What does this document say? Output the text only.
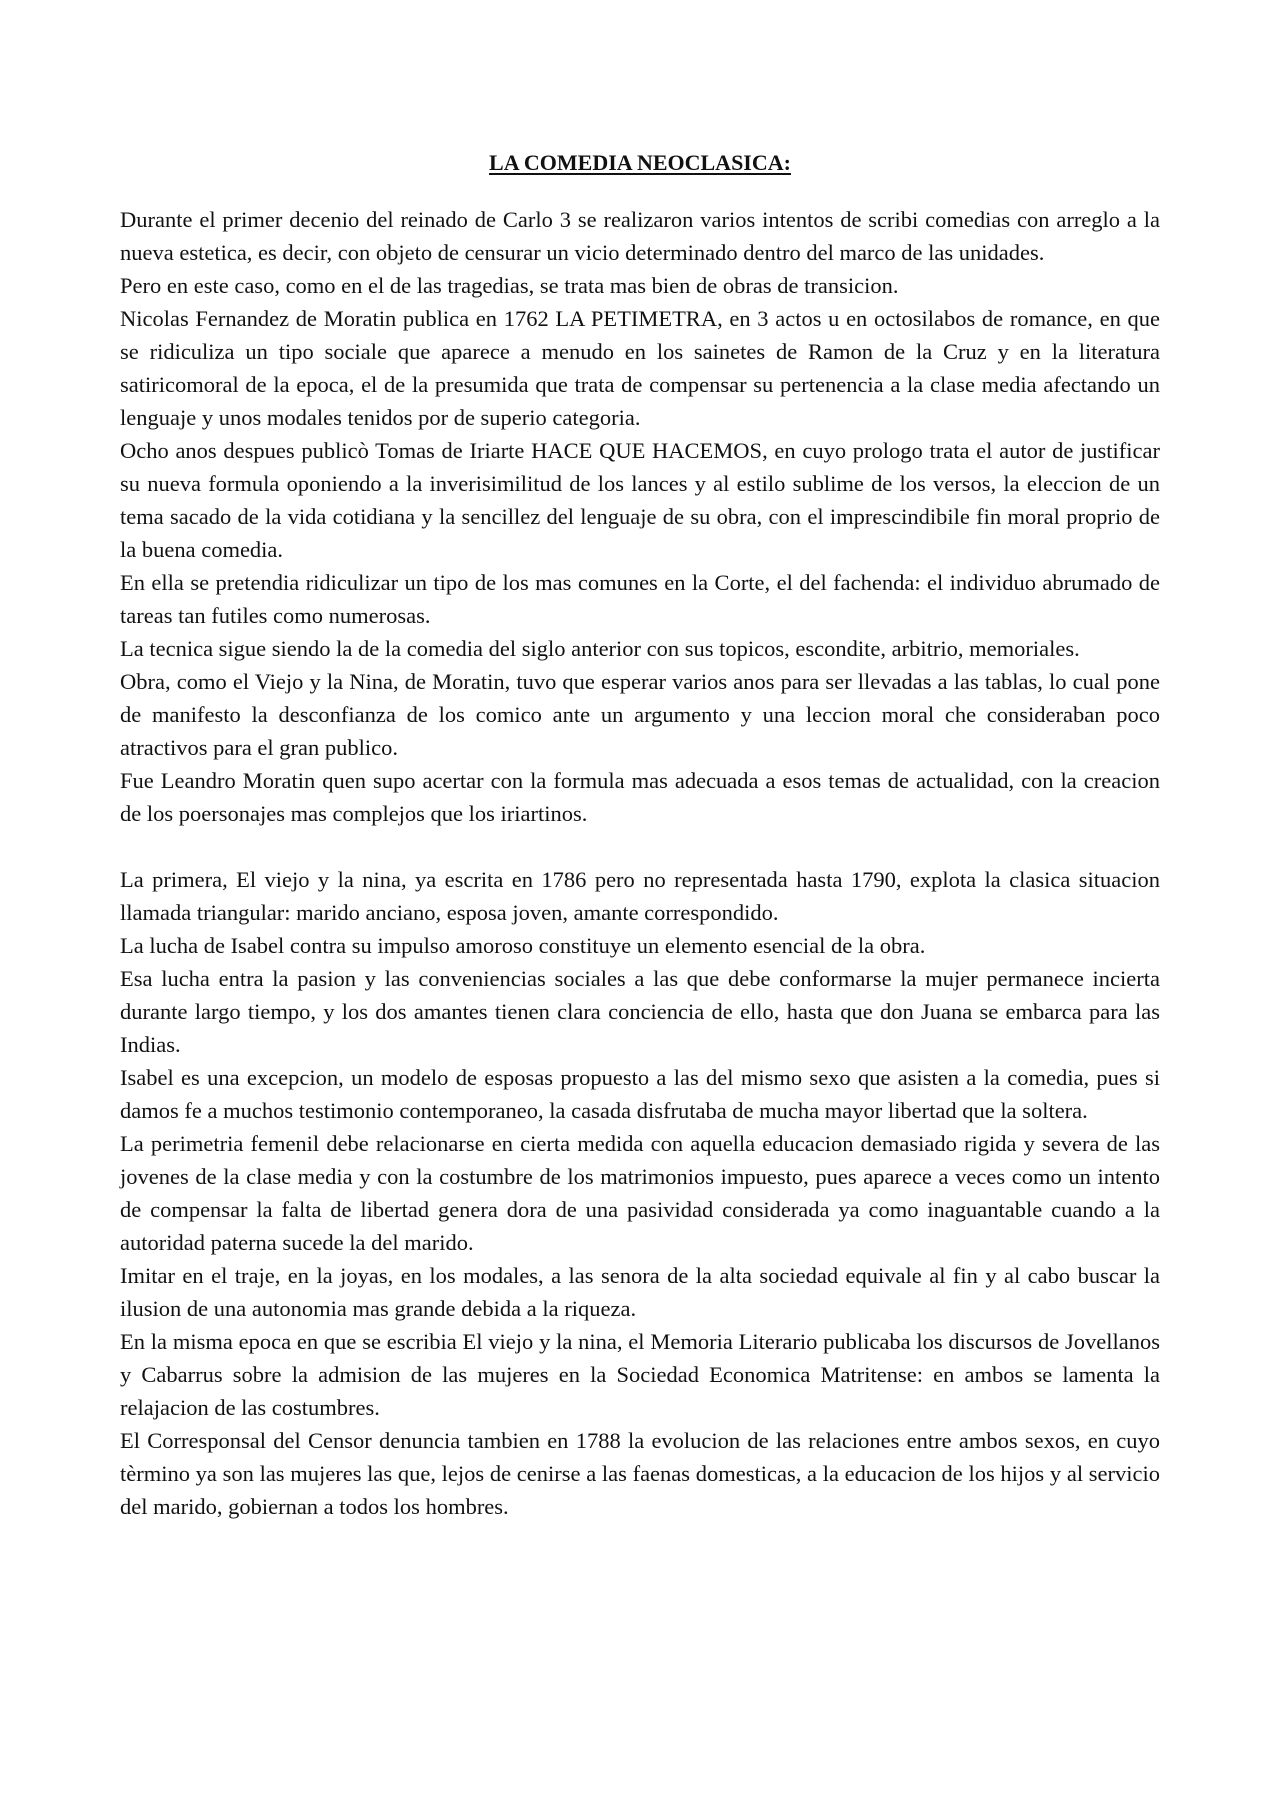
LA COMEDIA NEOCLASICA:

Durante el primer decenio del reinado de Carlo 3 se realizaron varios intentos de scribi comedias con arreglo a la nueva estetica, es decir, con objeto de censurar un vicio determinado dentro del marco de las unidades.

Pero en este caso, como en el de las tragedias, se trata mas bien de obras de transicion.

Nicolas Fernandez de Moratin publica en 1762 LA PETIMETRA, en 3 actos u en octosilabos de romance, en que se ridiculiza un tipo sociale que aparece a menudo en los sainetes de Ramon de la Cruz y en la literatura satiricomoral de la epoca, el de la presumida que trata de compensar su pertenencia a la clase media afectando un lenguaje y unos modales tenidos por de superio categoria.

Ocho anos despues publicò Tomas de Iriarte HACE QUE HACEMOS, en cuyo prologo trata el autor de justificar su nueva formula oponiendo a la inverisimilitud de los lances y al estilo sublime de los versos, la eleccion de un tema sacado de la vida cotidiana y la sencillez del lenguaje de su obra, con el imprescindibile fin moral proprio de la buena comedia.

En ella se pretendia ridiculizar un tipo de los mas comunes en la Corte, el del fachenda: el individuo abrumado de tareas tan futiles como numerosas.

La tecnica sigue siendo la de la comedia del siglo anterior con sus topicos, escondite, arbitrio, memoriales.

Obra, como el Viejo y la Nina, de Moratin, tuvo que esperar varios anos para ser llevadas a las tablas, lo cual pone de manifesto la desconfianza de los comico ante un argumento y una leccion moral che consideraban poco atractivos para el gran publico.

Fue Leandro Moratin quen supo acertar con la formula mas adecuada a esos temas de actualidad, con la creacion de los poersonajes mas complejos que los iriartinos.

La primera, El viejo y la nina, ya escrita en 1786 pero no representada hasta 1790, explota la clasica situacion llamada triangular: marido anciano, esposa joven, amante correspondido.

La lucha de Isabel contra su impulso amoroso constituye un elemento esencial de la obra.

Esa lucha entra la pasion y las conveniencias sociales a las que debe conformarse la mujer permanece incierta durante largo tiempo, y los dos amantes tienen clara conciencia de ello, hasta que don Juana se embarca para las Indias.

Isabel es una excepcion, un modelo de esposas propuesto a las del mismo sexo que asisten a la comedia, pues si damos fe a muchos testimonio contemporaneo, la casada disfrutaba de mucha mayor libertad que la soltera.

La perimetria femenil debe relacionarse en cierta medida con aquella educacion demasiado rigida y severa de las jovenes de la clase media y con la costumbre de los matrimonios impuesto, pues aparece a veces como un intento de compensar la falta de libertad genera dora de una pasividad considerada ya como inaguantable cuando a la autoridad paterna sucede la del marido.

Imitar en el traje, en la joyas, en los modales, a las senora de la alta sociedad equivale al fin y al cabo buscar la ilusion de una autonomia mas grande debida a la riqueza.

En la misma epoca en que se escribia El viejo y la nina, el Memoria Literario publicaba los discursos de Jovellanos y Cabarrus sobre la admision de las mujeres en la Sociedad Economica Matritense: en ambos se lamenta la relajacion de las costumbres.

El Corresponsal del Censor denuncia tambien en 1788 la evolucion de las relaciones entre ambos sexos, en cuyo tèrmino ya son las mujeres las que, lejos de cenirse a las faenas domesticas, a la educacion de los hijos y al servicio del marido, gobiernan a todos los hombres.
